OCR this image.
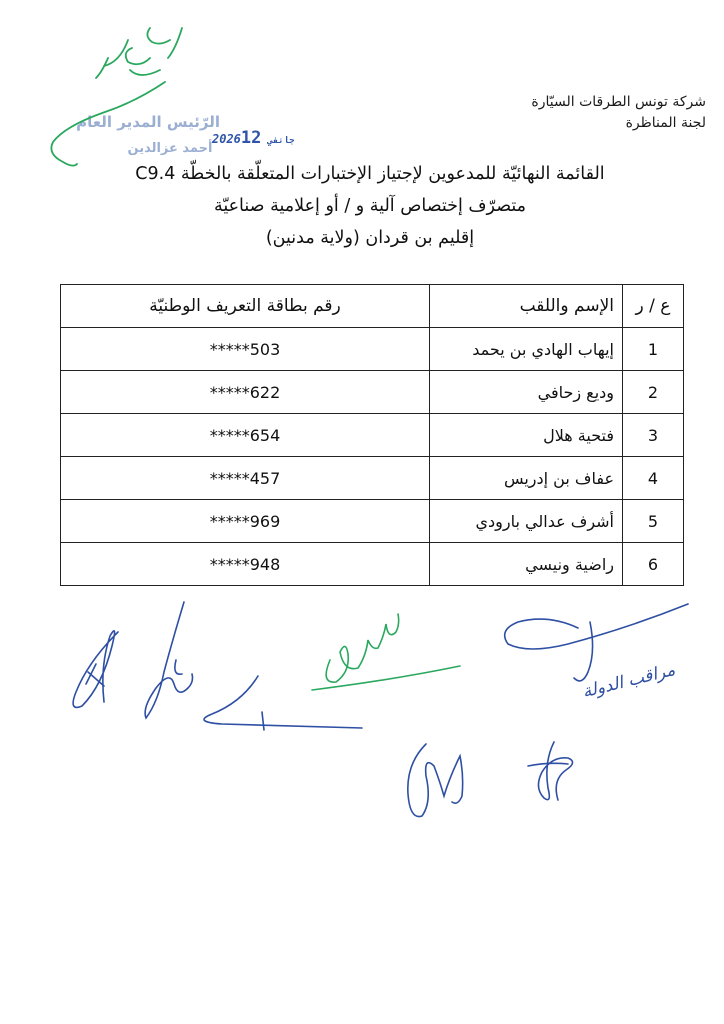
شركة تونس الطرقات السيّارة
لجنة المناظرة
الرّئيس المدير العام
أحمد عزالدين
2026	جانفي12
القائمة النهائيّة للمدعوين لإجتياز الإختبارات المتعلّقة بالخطّة C9.4
متصرّف إختصاص آلية و / أو إعلامية صناعيّة
إقليم بن قردان (ولاية مدنين)
ع / ر	الإسم واللقب	رقم بطاقة التعريف الوطنيّة
1	إيهاب الهادي بن يحمد	*****503
2	وديع زحافي	*****622
3	فتحية هلال	*****654
4	عفاف بن إدريس	*****457
5	أشرف عدالي بارودي	*****969
6	راضية ونيسي	*****948
مراقب الدولة
